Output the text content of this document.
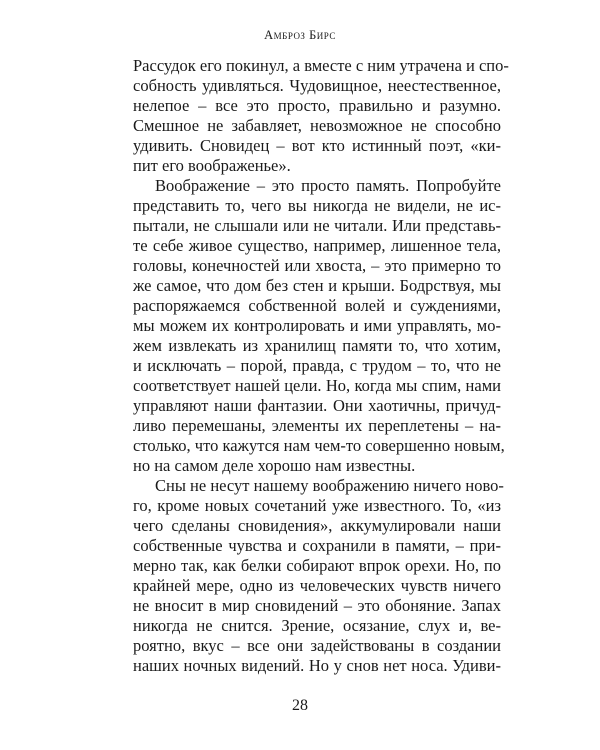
Амброз Бирс
Рассудок его покинул, а вместе с ним утрачена и спо-
собность удивляться. Чудовищное, неестественное,
нелепое – все это просто, правильно и разумно.
Смешное не забавляет, невозможное не способно
удивить. Сновидец – вот кто истинный поэт, «ки-
пит его воображенье».
Воображение – это просто память. Попробуйте
представить то, чего вы никогда не видели, не ис-
пытали, не слышали или не читали. Или представь-
те себе живое существо, например, лишенное тела,
головы, конечностей или хвоста, – это примерно то
же самое, что дом без стен и крыши. Бодрствуя, мы
распоряжаемся собственной волей и суждениями,
мы можем их контролировать и ими управлять, мо-
жем извлекать из хранилищ памяти то, что хотим,
и исключать – порой, правда, с трудом – то, что не
соответствует нашей цели. Но, когда мы спим, нами
управляют наши фантазии. Они хаотичны, причуд-
ливо перемешаны, элементы их переплетены – на-
столько, что кажутся нам чем-то совершенно новым,
но на самом деле хорошо нам известны.
Сны не несут нашему воображению ничего ново-
го, кроме новых сочетаний уже известного. То, «из
чего сделаны сновидения», аккумулировали наши
собственные чувства и сохранили в памяти, – при-
мерно так, как белки собирают впрок орехи. Но, по
крайней мере, одно из человеческих чувств ничего
не вносит в мир сновидений – это обоняние. Запах
никогда не снится. Зрение, осязание, слух и, ве-
роятно, вкус – все они задействованы в создании
наших ночных видений. Но у снов нет носа. Удиви-
28
